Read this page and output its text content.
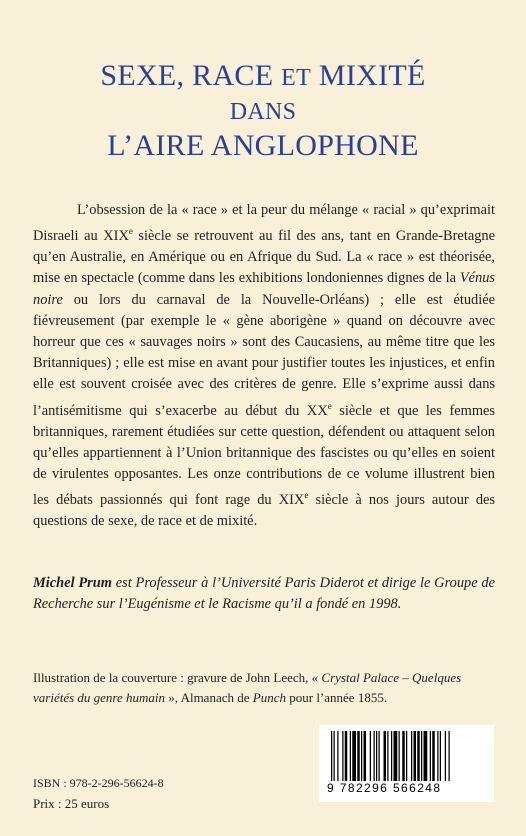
SEXE, RACE ET MIXITÉ
DANS
L’AIRE ANGLOPHONE

L’obsession de la « race » et la peur du mélange « racial » qu’exprimait Disraeli au XIXe siècle se retrouvent au fil des ans, tant en Grande-Bretagne qu’en Australie, en Amérique ou en Afrique du Sud. La « race » est théorisée, mise en spectacle (comme dans les exhibitions londoniennes dignes de la Vénus noire ou lors du carnaval de la Nouvelle-Orléans) ; elle est étudiée fiévreusement (par exemple le « gène aborigène » quand on découvre avec horreur que ces « sauvages noirs » sont des Caucasiens, au même titre que les Britanniques) ; elle est mise en avant pour justifier toutes les injustices, et enfin elle est souvent croisée avec des critères de genre. Elle s’exprime aussi dans l’antisémitisme qui s’exacerbe au début du XXe siècle et que les femmes britanniques, rarement étudiées sur cette question, défendent ou attaquent selon qu’elles appartiennent à l’Union britannique des fascistes ou qu’elles en soient de virulentes opposantes. Les onze contributions de ce volume illustrent bien les débats passionnés qui font rage du XIXe siècle à nos jours autour des questions de sexe, de race et de mixité.

Michel Prum est Professeur à l’Université Paris Diderot et dirige le Groupe de Recherche sur l’Eugénisme et le Racisme qu’il a fondé en 1998.

Illustration de la couverture : gravure de John Leech, « Crystal Palace – Quelques variétés du genre humain », Almanach de Punch pour l’année 1855.

9 782296 566248
ISBN : 978-2-296-56624-8
Prix : 25 euros
